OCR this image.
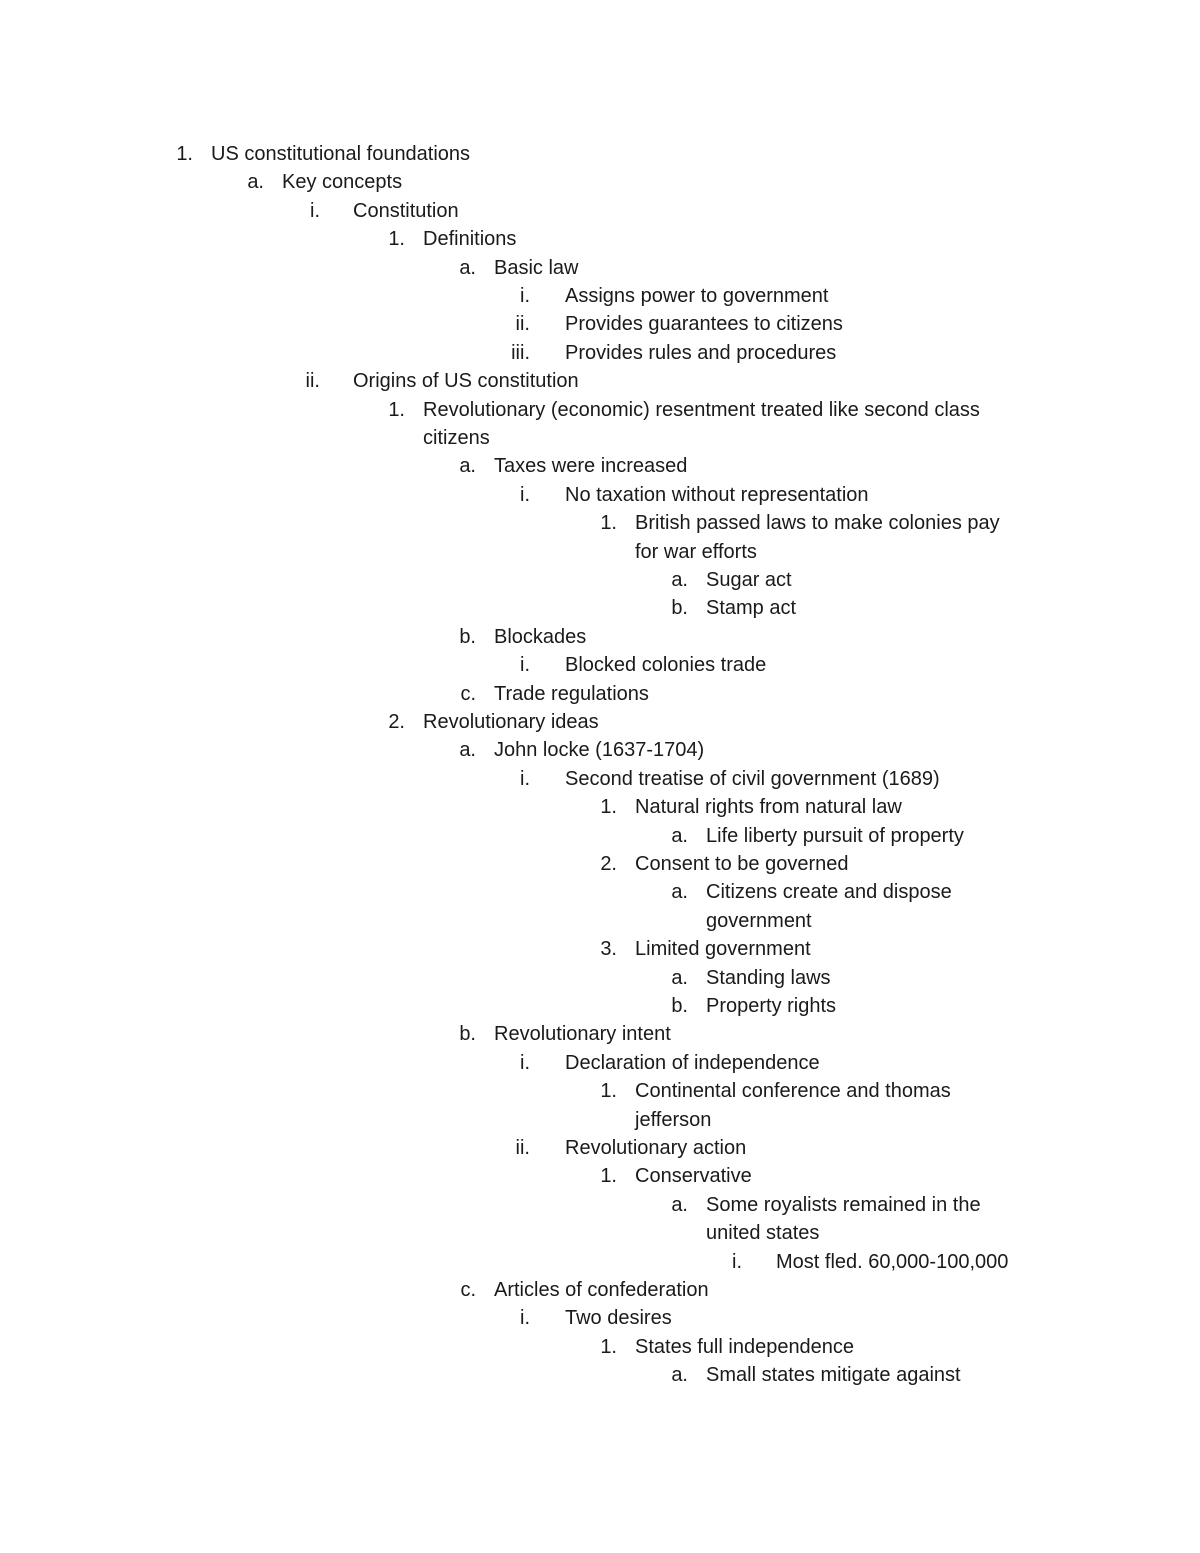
1. US constitutional foundations
a. Key concepts
i. Constitution
1. Definitions
a. Basic law
i. Assigns power to government
ii. Provides guarantees to citizens
iii. Provides rules and procedures
ii. Origins of US constitution
1. Revolutionary (economic) resentment treated like second class
citizens
a. Taxes were increased
i. No taxation without representation
1. British passed laws to make colonies pay
for war efforts
a. Sugar act
b. Stamp act
b. Blockades
i. Blocked colonies trade
c. Trade regulations
2. Revolutionary ideas
a. John locke (1637-1704)
i. Second treatise of civil government (1689)
1. Natural rights from natural law
a. Life liberty pursuit of property
2. Consent to be governed
a. Citizens create and dispose
government
3. Limited government
a. Standing laws
b. Property rights
b. Revolutionary intent
i. Declaration of independence
1. Continental conference and thomas
jefferson
ii. Revolutionary action
1. Conservative
a. Some royalists remained in the
united states
i. Most fled. 60,000-100,000
c. Articles of confederation
i. Two desires
1. States full independence
a. Small states mitigate against
